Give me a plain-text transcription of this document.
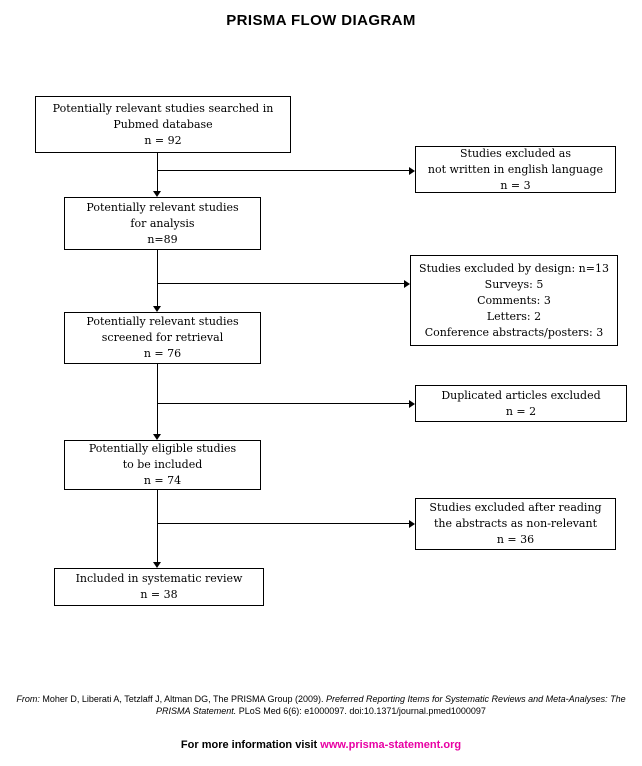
PRISMA FLOW DIAGRAM
Potentially relevant studies searched in
Pubmed database
n = 92
Potentially relevant studies
for analysis
n=89
Potentially relevant studies
screened for retrieval
n = 76
Potentially eligible studies
to be included
n = 74
Included in systematic review
n = 38
Studies excluded as
not written in english language
n = 3
Studies excluded by design: n=13
Surveys: 5
Comments: 3
Letters: 2
Conference abstracts/posters: 3
Duplicated articles excluded
n = 2
Studies excluded after reading
the abstracts as non-relevant
n = 36
From: Moher D, Liberati A, Tetzlaff J, Altman DG, The PRISMA Group (2009). Preferred Reporting Items for Systematic Reviews and Meta-Analyses: The PRISMA Statement. PLoS Med 6(6): e1000097. doi:10.1371/journal.pmed1000097
For more information visit www.prisma-statement.org
